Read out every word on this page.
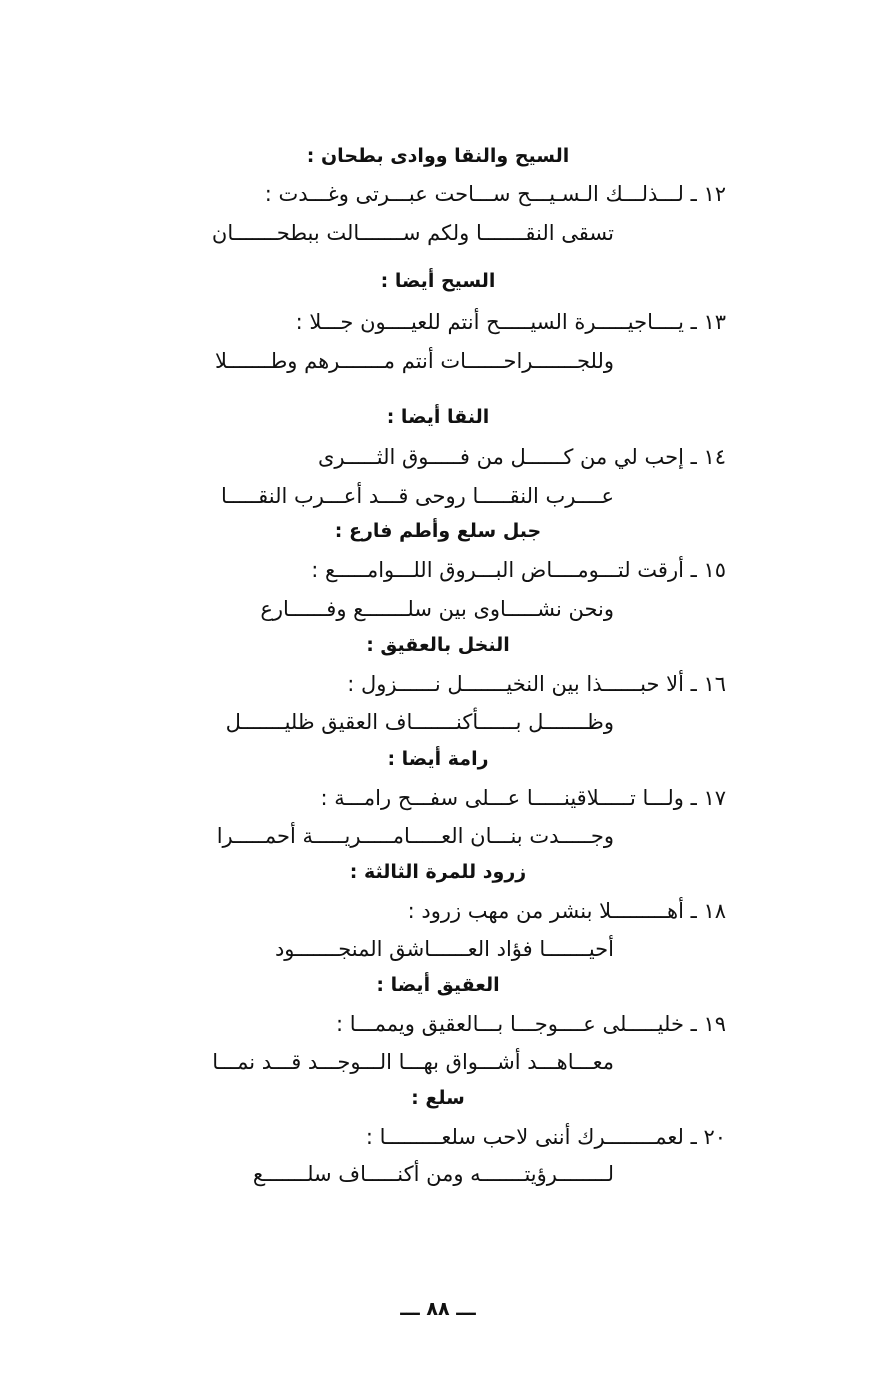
السيح والنقا ووادى بطحان :
١٢ ـ لـــذلـــك الـسـيـــح ســـاحت عبـــرتى وغـــدت :
تسقى النقـــــــا ولكم ســـــــالت ببطحـــــــان
السيح أيضا :
١٣ ـ يــــاجيـــــرة السيـــــح أنتم للعيــــون جـــلا :
وللجـــــــراحــــــات أنتم مـــــــرهم وطـــــــلا
النقا أيضا :
١٤ ـ إحب لي من كــــــل من فـــــوق الثـــــرى
عــــرب النقـــــا روحى قـــد أعـــرب النقـــــا
جبل سلع وأطم فارع :
١٥ ـ أرقت لتـــومــــاض البـــروق اللـــوامـــــع :
ونحن نشـــــاوى بين سلـــــــع وفــــــارع
النخل بالعقيق :
١٦ ـ ألا حبــــــذا بين النخيـــــــل نــــــزول :
وظـــــــل بــــــأكنـــــــاف العقيق ظليـــــــل
رامة أيضا :
١٧ ـ ولـــا تـــــلاقينـــــا عـــلى سفـــح رامـــة :
وجـــــدت بنـــان العـــــامـــــريـــــة أحمـــــرا
زرود للمرة الثالثة :
١٨ ـ أهـــــــــلا بنشر من مهب زرود :
أحيـــــــا فؤاد العــــــاشق المنجـــــــود
العقيق أيضا :
١٩ ـ خليـــــلى عــــوجـــا بـــالعقيق ويممـــا :
معـــاهـــد أشـــواق بهـــا الـــوجـــد قـــد نمـــا
سلع :
٢٠ ـ لعمــــــــرك أننى لاحب سلعـــــــــا :
لــــــــرؤيتـــــــه ومن أكنـــــاف سلـــــــع
ـــ ٨٨ ـــ
